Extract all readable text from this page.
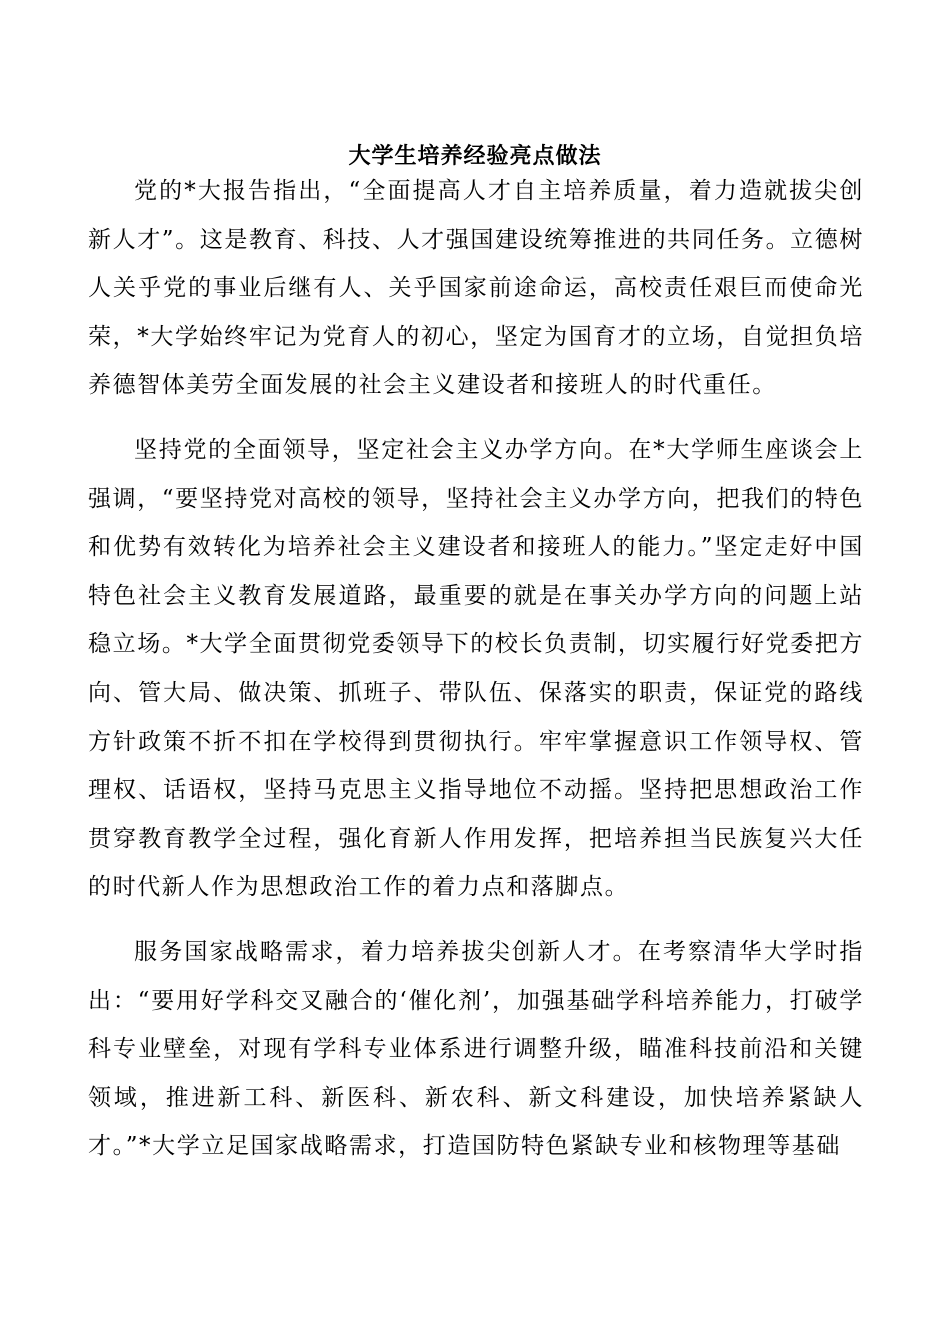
大学生培养经验亮点做法

党的*大报告指出，“全面提高人才自主培养质量，着力造就拔尖创新人才”。这是教育、科技、人才强国建设统筹推进的共同任务。立德树人关乎党的事业后继有人、关乎国家前途命运，高校责任艰巨而使命光荣，*大学始终牢记为党育人的初心，坚定为国育才的立场，自觉担负培养德智体美劳全面发展的社会主义建设者和接班人的时代重任。

坚持党的全面领导，坚定社会主义办学方向。在*大学师生座谈会上强调，“要坚持党对高校的领导，坚持社会主义办学方向，把我们的特色和优势有效转化为培养社会主义建设者和接班人的能力。”坚定走好中国特色社会主义教育发展道路，最重要的就是在事关办学方向的问题上站稳立场。*大学全面贯彻党委领导下的校长负责制，切实履行好党委把方向、管大局、做决策、抓班子、带队伍、保落实的职责，保证党的路线方针政策不折不扣在学校得到贯彻执行。牢牢掌握意识工作领导权、管理权、话语权，坚持马克思主义指导地位不动摇。坚持把思想政治工作贯穿教育教学全过程，强化育新人作用发挥，把培养担当民族复兴大任的时代新人作为思想政治工作的着力点和落脚点。

服务国家战略需求，着力培养拔尖创新人才。在考察清华大学时指出：“要用好学科交叉融合的‘催化剂’，加强基础学科培养能力，打破学科专业壁垒，对现有学科专业体系进行调整升级，瞄准科技前沿和关键领域，推进新工科、新医科、新农科、新文科建设，加快培养紧缺人才。”*大学立足国家战略需求，打造国防特色紧缺专业和核物理等基础
